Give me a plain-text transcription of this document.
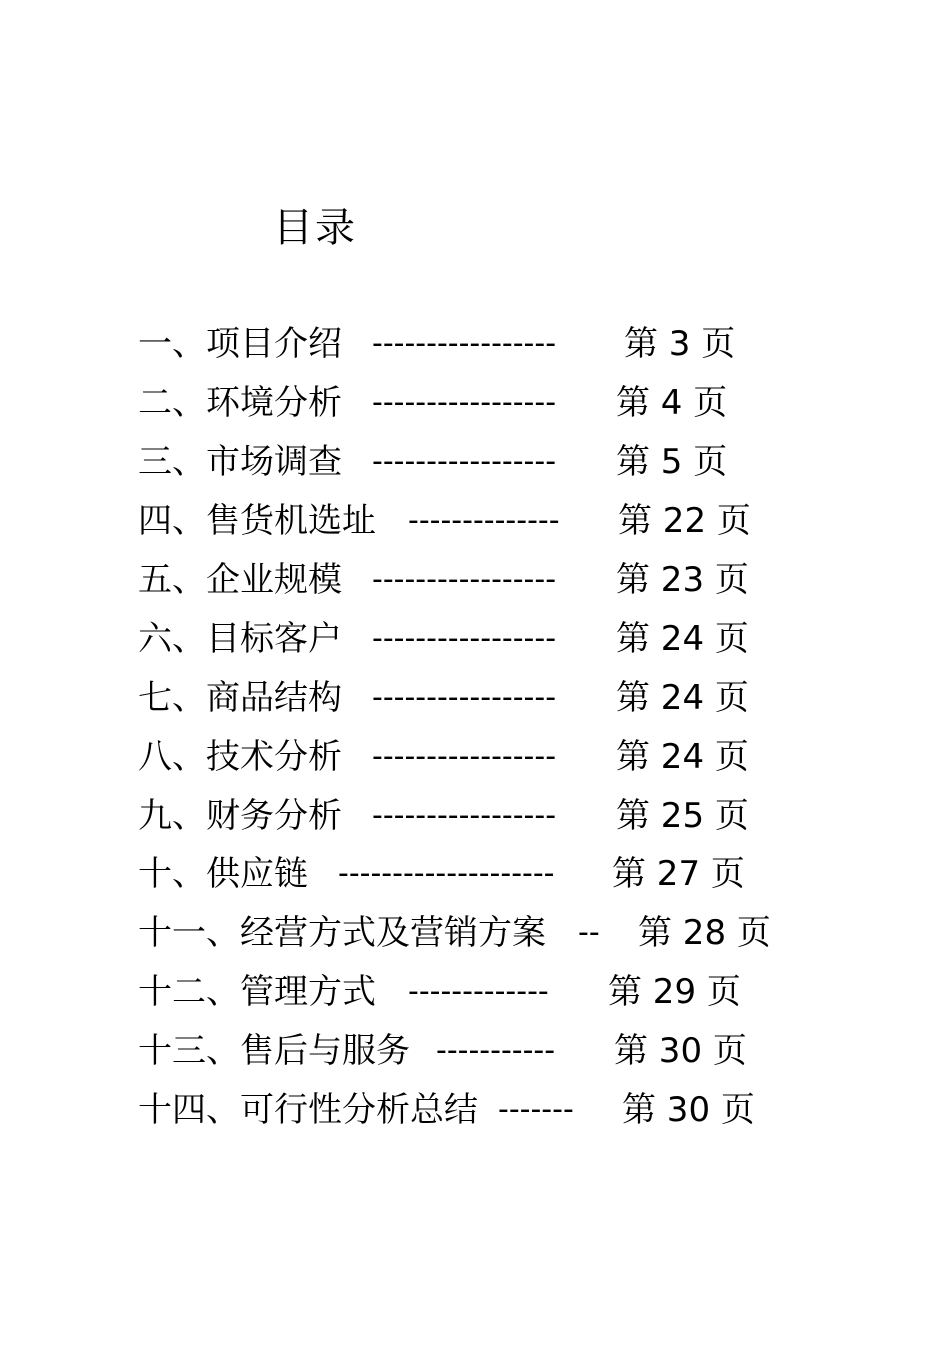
目录
一、项目介绍 ----------------- 第 3 页
二、环境分析 ----------------- 第 4 页
三、市场调查 ----------------- 第 5 页
四、售货机选址 -------------- 第 22 页
五、企业规模 ----------------- 第 23 页
六、目标客户 ----------------- 第 24 页
七、商品结构 ----------------- 第 24 页
八、技术分析 ----------------- 第 24 页
九、财务分析 ----------------- 第 25 页
十、供应链 -------------------- 第 27 页
十一、经营方式及营销方案 -- 第 28 页
十二、管理方式 ------------- 第 29 页
十三、售后与服务 ----------- 第 30 页
十四、可行性分析总结 ------- 第 30 页
